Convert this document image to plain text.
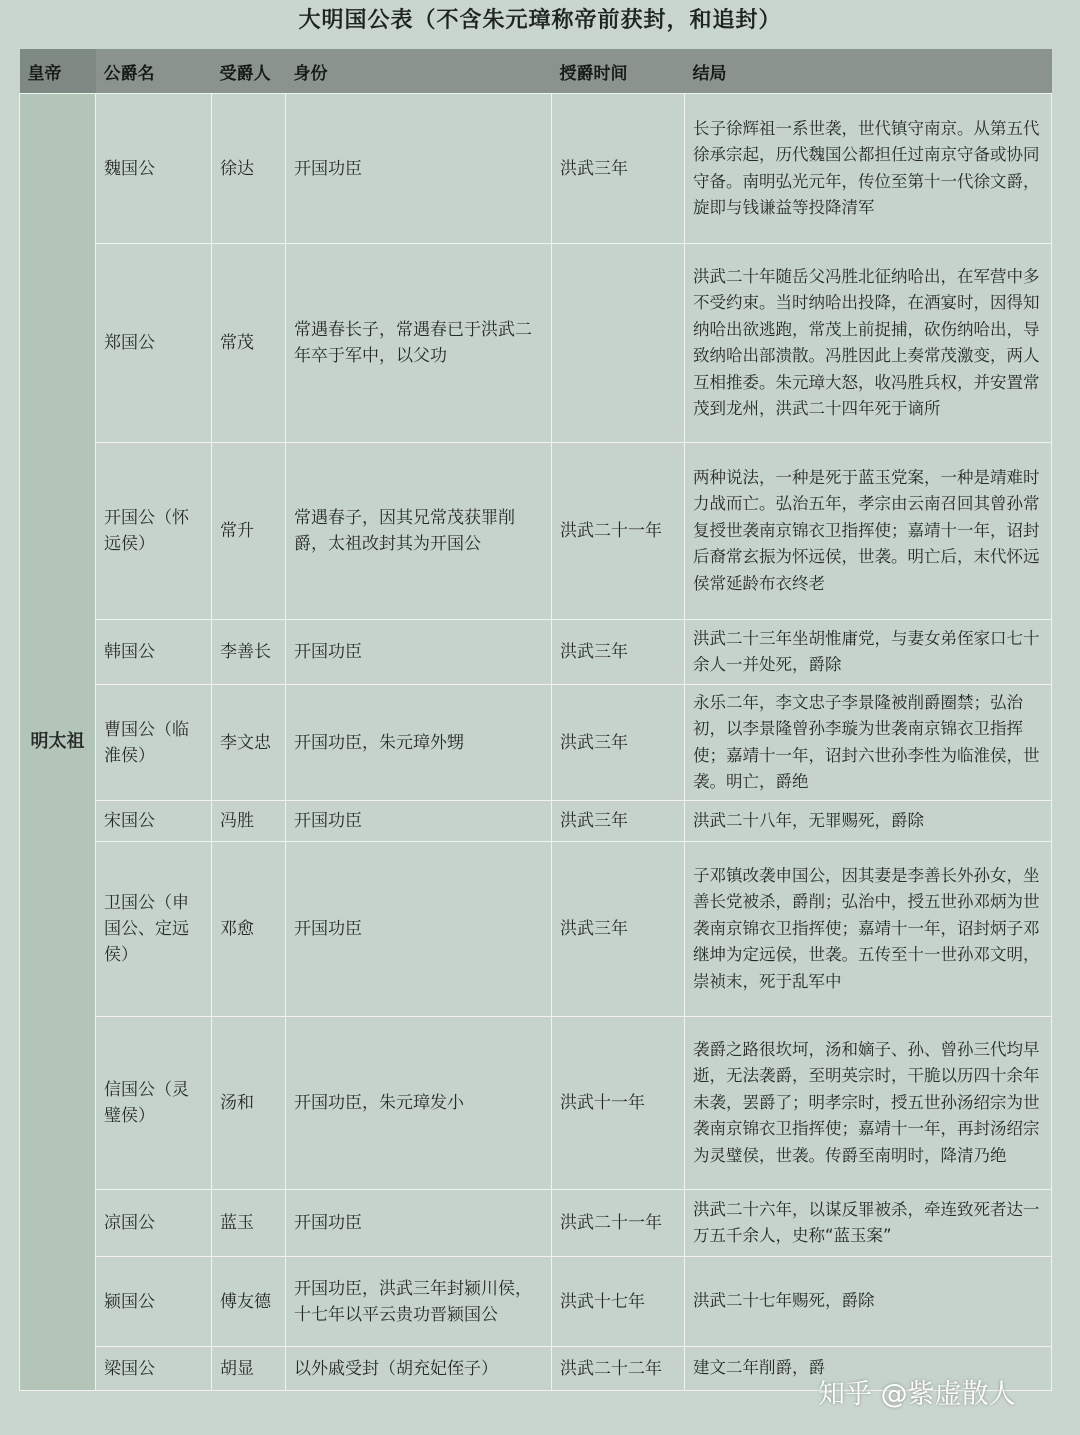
大明国公表（不含朱元璋称帝前获封，和追封）
皇帝	公爵名	受爵人	身份	授爵时间	结局
明太祖	魏国公	徐达	开国功臣	洪武三年	长子徐辉祖一系世袭，世代镇守南京。从第五代徐承宗起，历代魏国公都担任过南京守备或协同守备。南明弘光元年，传位至第十一代徐文爵，旋即与钱谦益等投降清军
	郑国公	常茂	常遇春长子，常遇春已于洪武二年卒于军中，以父功		洪武二十年随岳父冯胜北征纳哈出，在军营中多不受约束。当时纳哈出投降，在酒宴时，因得知纳哈出欲逃跑，常茂上前捉捕，砍伤纳哈出，导致纳哈出部溃散。冯胜因此上奏常茂激变，两人互相推委。朱元璋大怒，收冯胜兵权，并安置常茂到龙州，洪武二十四年死于谪所
	开国公（怀远侯）	常升	常遇春子，因其兄常茂获罪削爵，太祖改封其为开国公	洪武二十一年	两种说法，一种是死于蓝玉党案，一种是靖难时力战而亡。弘治五年，孝宗由云南召回其曾孙常复授世袭南京锦衣卫指挥使；嘉靖十一年，诏封后裔常玄振为怀远侯，世袭。明亡后，末代怀远侯常延龄布衣终老
	韩国公	李善长	开国功臣	洪武三年	洪武二十三年坐胡惟庸党，与妻女弟侄家口七十余人一并处死，爵除
	曹国公（临淮侯）	李文忠	开国功臣，朱元璋外甥	洪武三年	永乐二年，李文忠子李景隆被削爵圈禁；弘治初，以李景隆曾孙李璇为世袭南京锦衣卫指挥使；嘉靖十一年，诏封六世孙李性为临淮侯，世袭。明亡，爵绝
	宋国公	冯胜	开国功臣	洪武三年	洪武二十八年，无罪赐死，爵除
	卫国公（申国公、定远侯）	邓愈	开国功臣	洪武三年	子邓镇改袭申国公，因其妻是李善长外孙女，坐善长党被杀，爵削；弘治中，授五世孙邓炳为世袭南京锦衣卫指挥使；嘉靖十一年，诏封炳子邓继坤为定远侯，世袭。五传至十一世孙邓文明，崇祯末，死于乱军中
	信国公（灵璧侯）	汤和	开国功臣，朱元璋发小	洪武十一年	袭爵之路很坎坷，汤和嫡子、孙、曾孙三代均早逝，无法袭爵，至明英宗时，干脆以历四十余年未袭，罢爵了；明孝宗时，授五世孙汤绍宗为世袭南京锦衣卫指挥使；嘉靖十一年，再封汤绍宗为灵璧侯，世袭。传爵至南明时，降清乃绝
	凉国公	蓝玉	开国功臣	洪武二十一年	洪武二十六年，以谋反罪被杀，牵连致死者达一万五千余人，史称“蓝玉案”
	颍国公	傅友德	开国功臣，洪武三年封颍川侯，十七年以平云贵功晋颍国公	洪武十七年	洪武二十七年赐死，爵除
	梁国公	胡显	以外戚受封（胡充妃侄子）	洪武二十二年	建文二年削爵，爵
知乎 @紫虚散人
